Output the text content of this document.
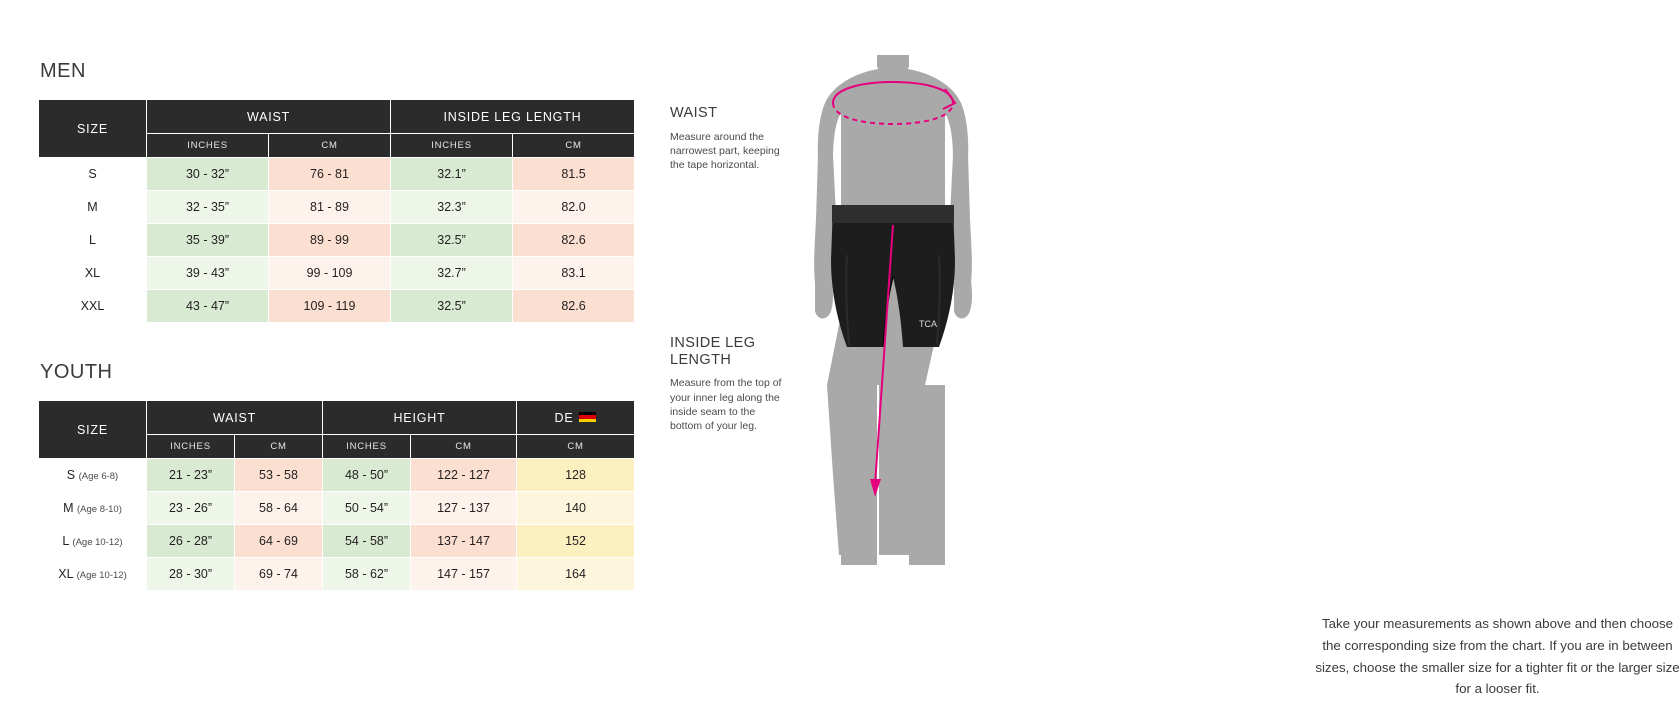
MEN
SIZE	WAIST		INSIDE LEG LENGTH	
	INCHES	CM	INCHES	CM
S	30 - 32”	76 - 81	32.1”	81.5
M	32 - 35”	81 - 89	32.3”	82.0
L	35 - 39”	89 - 99	32.5”	82.6
XL	39 - 43”	99 - 109	32.7”	83.1
XXL	43 - 47”	109 - 119	32.5”	82.6
YOUTH
SIZE	WAIST		HEIGHT		DE

	INCHES	CM	INCHES	CM	CM
S (Age 6-8)	21 - 23”	53 - 58	48 - 50”	122 - 127	128
M (Age 8-10)	23 - 26”	58 - 64	50 - 54”	127 - 137	140
L (Age 10-12)	26 - 28”	64 - 69	54 - 58”	137 - 147	152
XL (Age 10-12)	28 - 30”	69 - 74	58 - 62”	147 - 157	164
WAIST

Measure around the narrowest part, keeping the tape horizontal.

INSIDE LEG LENGTH

Measure from the top of your inner leg along the inside seam to the bottom of your leg.

TCA

Take your measurements as shown above and then choose the corresponding size from the chart. If you are in between sizes, choose the smaller size for a tighter fit or the larger size for a looser fit.
